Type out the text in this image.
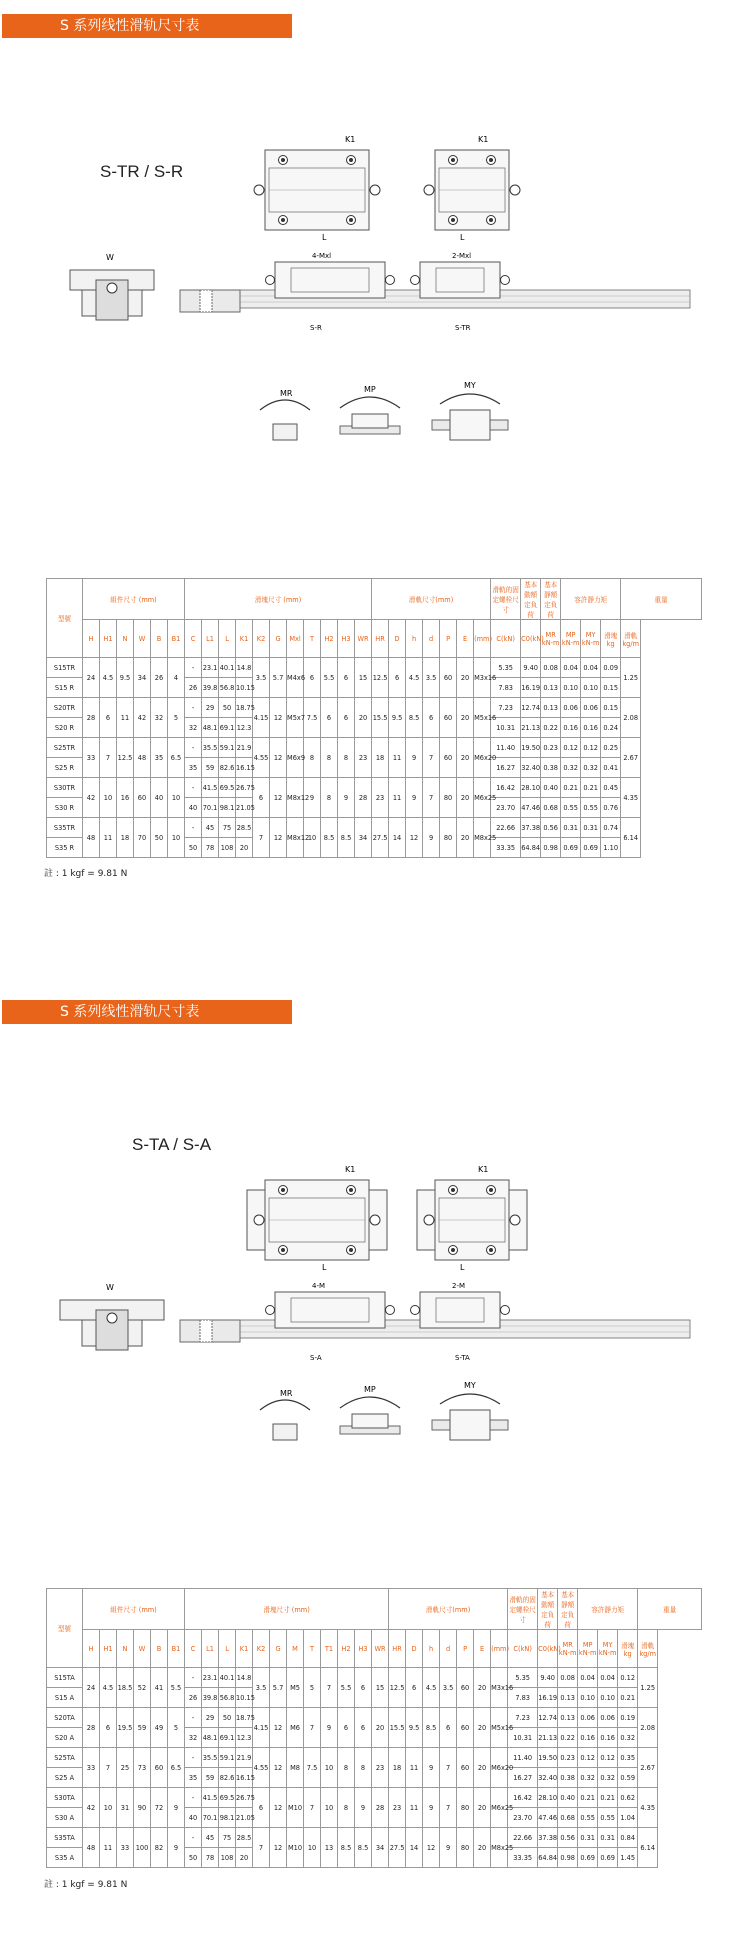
S 系列线性滑轨尺寸表
S-TR / S-R
K1	K1
4-Mxl	2-Mxl
S-R	S-TR
L	L
W
MR	MP	MY
型號	組件尺寸 (mm)						滑塊尺寸 (mm)											滑軌尺寸(mm)							滑軌的固定螺栓尺寸	基本動額定負荷	基本靜額定負荷	容許靜力矩			重量
	H	H1	N	W	B	B1	C	L1	L	K1	K2	G	Mxl	T	H2	H3	WR	HR	D	h	d	P	E	(mm)	C(kN)	C0(kN)	MR kN-m	MP kN-m	MY kN-m	滑塊 kg	滑軌 kg/m
S15TR	24	4.5	9.5	34	26	4	-	23.1	40.1	14.8	3.5	5.7	M4x6	6	5.5	6	15	12.5	6	4.5	3.5	60	20	M3x16	5.35	9.40	0.08	0.04	0.04	0.09	1.25
S15 R							26	39.8	56.8	10.15															7.83	16.19	0.13	0.10	0.10	0.15	
S20TR	28	6	11	42	32	5	-	29	50	18.75	4.15	12	M5x7	7.5	6	6	20	15.5	9.5	8.5	6	60	20	M5x16	7.23	12.74	0.13	0.06	0.06	0.15	2.08
S20 R							32	48.1	69.1	12.3															10.31	21.13	0.22	0.16	0.16	0.24	
S25TR	33	7	12.5	48	35	6.5	-	35.5	59.1	21.9	4.55	12	M6x9	8	8	8	23	18	11	9	7	60	20	M6x20	11.40	19.50	0.23	0.12	0.12	0.25	2.67
S25 R							35	59	82.6	16.15															16.27	32.40	0.38	0.32	0.32	0.41	
S30TR	42	10	16	60	40	10	-	41.5	69.5	26.75	6	12	M8x12	9	8	9	28	23	11	9	7	80	20	M6x25	16.42	28.10	0.40	0.21	0.21	0.45	4.35
S30 R							40	70.1	98.1	21.05															23.70	47.46	0.68	0.55	0.55	0.76	
S35TR	48	11	18	70	50	10	-	45	75	28.5	7	12	M8x12	10	8.5	8.5	34	27.5	14	12	9	80	20	M8x25	22.66	37.38	0.56	0.31	0.31	0.74	6.14
S35 R							50	78	108	20															33.35	64.84	0.98	0.69	0.69	1.10	
註 : 1 kgf = 9.81 N
S 系列线性滑轨尺寸表
S-TA / S-A
K1	K1
4-M	2-M
S-A	S-TA
L	L
W
MR	MP	MY
型號	組件尺寸 (mm)						滑塊尺寸 (mm)												滑軌尺寸(mm)							滑軌的固定螺栓尺寸	基本動額定負荷	基本靜額定負荷	容許靜力矩			重量
	H	H1	N	W	B	B1	C	L1	L	K1	K2	G	M	T	T1	H2	H3	WR	HR	D	h	d	P	E	(mm)	C(kN)	C0(kN)	MR kN-m	MP kN-m	MY kN-m	滑塊 kg	滑軌 kg/m
S15TA	24	4.5	18.5	52	41	5.5	-	23.1	40.1	14.8	3.5	5.7	M5	5	7	5.5	6	15	12.5	6	4.5	3.5	60	20	M3x16	5.35	9.40	0.08	0.04	0.04	0.12	1.25
S15 A							26	39.8	56.8	10.15																7.83	16.19	0.13	0.10	0.10	0.21	
S20TA	28	6	19.5	59	49	5	-	29	50	18.75	4.15	12	M6	7	9	6	6	20	15.5	9.5	8.5	6	60	20	M5x16	7.23	12.74	0.13	0.06	0.06	0.19	2.08
S20 A							32	48.1	69.1	12.3																10.31	21.13	0.22	0.16	0.16	0.32	
S25TA	33	7	25	73	60	6.5	-	35.5	59.1	21.9	4.55	12	M8	7.5	10	8	8	23	18	11	9	7	60	20	M6x20	11.40	19.50	0.23	0.12	0.12	0.35	2.67
S25 A							35	59	82.6	16.15																16.27	32.40	0.38	0.32	0.32	0.59	
S30TA	42	10	31	90	72	9	-	41.5	69.5	26.75	6	12	M10	7	10	8	9	28	23	11	9	7	80	20	M6x25	16.42	28.10	0.40	0.21	0.21	0.62	4.35
S30 A							40	70.1	98.1	21.05																23.70	47.46	0.68	0.55	0.55	1.04	
S35TA	48	11	33	100	82	9	-	45	75	28.5	7	12	M10	10	13	8.5	8.5	34	27.5	14	12	9	80	20	M8x25	22.66	37.38	0.56	0.31	0.31	0.84	6.14
S35 A							50	78	108	20																33.35	64.84	0.98	0.69	0.69	1.45	
註 : 1 kgf = 9.81 N
